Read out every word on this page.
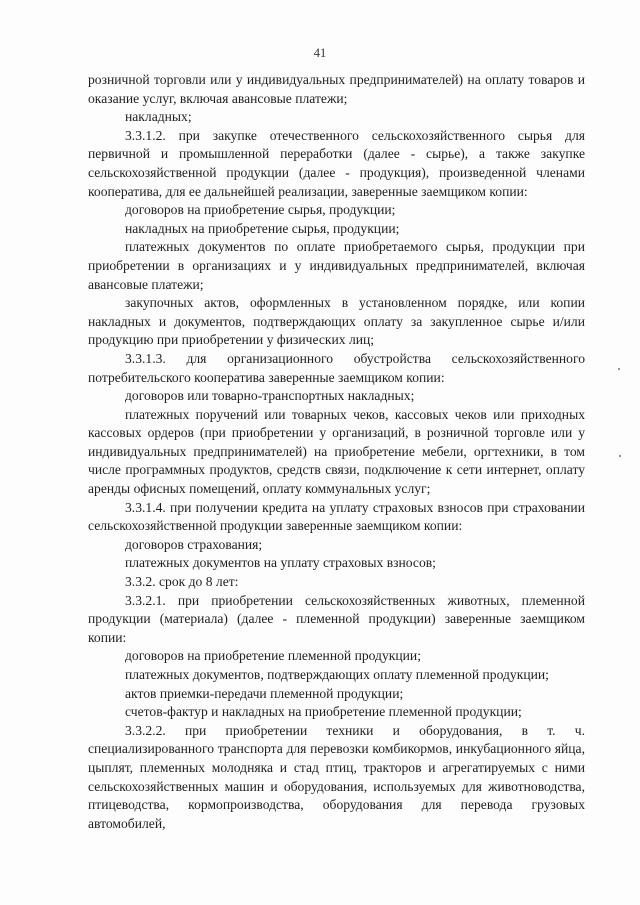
41

розничной торговли или у индивидуальных предпринимателей) на оплату товаров и оказание услуг, включая авансовые платежи;

накладных;

3.3.1.2. при закупке отечественного сельскохозяйственного сырья для первичной и промышленной переработки (далее - сырье), а также закупке сельскохозяйственной продукции (далее - продукция), произведенной членами кооператива, для ее дальнейшей реализации, заверенные заемщиком копии:

договоров на приобретение сырья, продукции;

накладных на приобретение сырья, продукции;

платежных документов по оплате приобретаемого сырья, продукции при приобретении в организациях и у индивидуальных предпринимателей, включая авансовые платежи;

закупочных актов, оформленных в установленном порядке, или копии накладных и документов, подтверждающих оплату за закупленное сырье и/или продукцию при приобретении у физических лиц;

3.3.1.3. для организационного обустройства сельскохозяйственного потребительского кооператива заверенные заемщиком копии:

договоров или товарно-транспортных накладных;

платежных поручений или товарных чеков, кассовых чеков или приходных кассовых ордеров (при приобретении у организаций, в розничной торговле или у индивидуальных предпринимателей) на приобретение мебели, оргтехники, в том числе программных продуктов, средств связи, подключение к сети интернет, оплату аренды офисных помещений, оплату коммунальных услуг;

3.3.1.4. при получении кредита на уплату страховых взносов при страховании сельскохозяйственной продукции заверенные заемщиком копии:

договоров страхования;

платежных документов на уплату страховых взносов;

3.3.2. срок до 8 лет:

3.3.2.1. при приобретении сельскохозяйственных животных, племенной продукции (материала) (далее - племенной продукции) заверенные заемщиком копии:

договоров на приобретение племенной продукции;

платежных документов, подтверждающих оплату племенной продукции;

актов приемки-передачи племенной продукции;

счетов-фактур и накладных на приобретение племенной продукции;

3.3.2.2. при приобретении техники и оборудования, в т. ч. специализированного транспорта для перевозки комбикормов, инкубационного яйца, цыплят, племенных молодняка и стад птиц, тракторов и агрегатируемых с ними сельскохозяйственных машин и оборудования, используемых для животноводства, птицеводства, кормопроизводства, оборудования для перевода грузовых автомобилей,
